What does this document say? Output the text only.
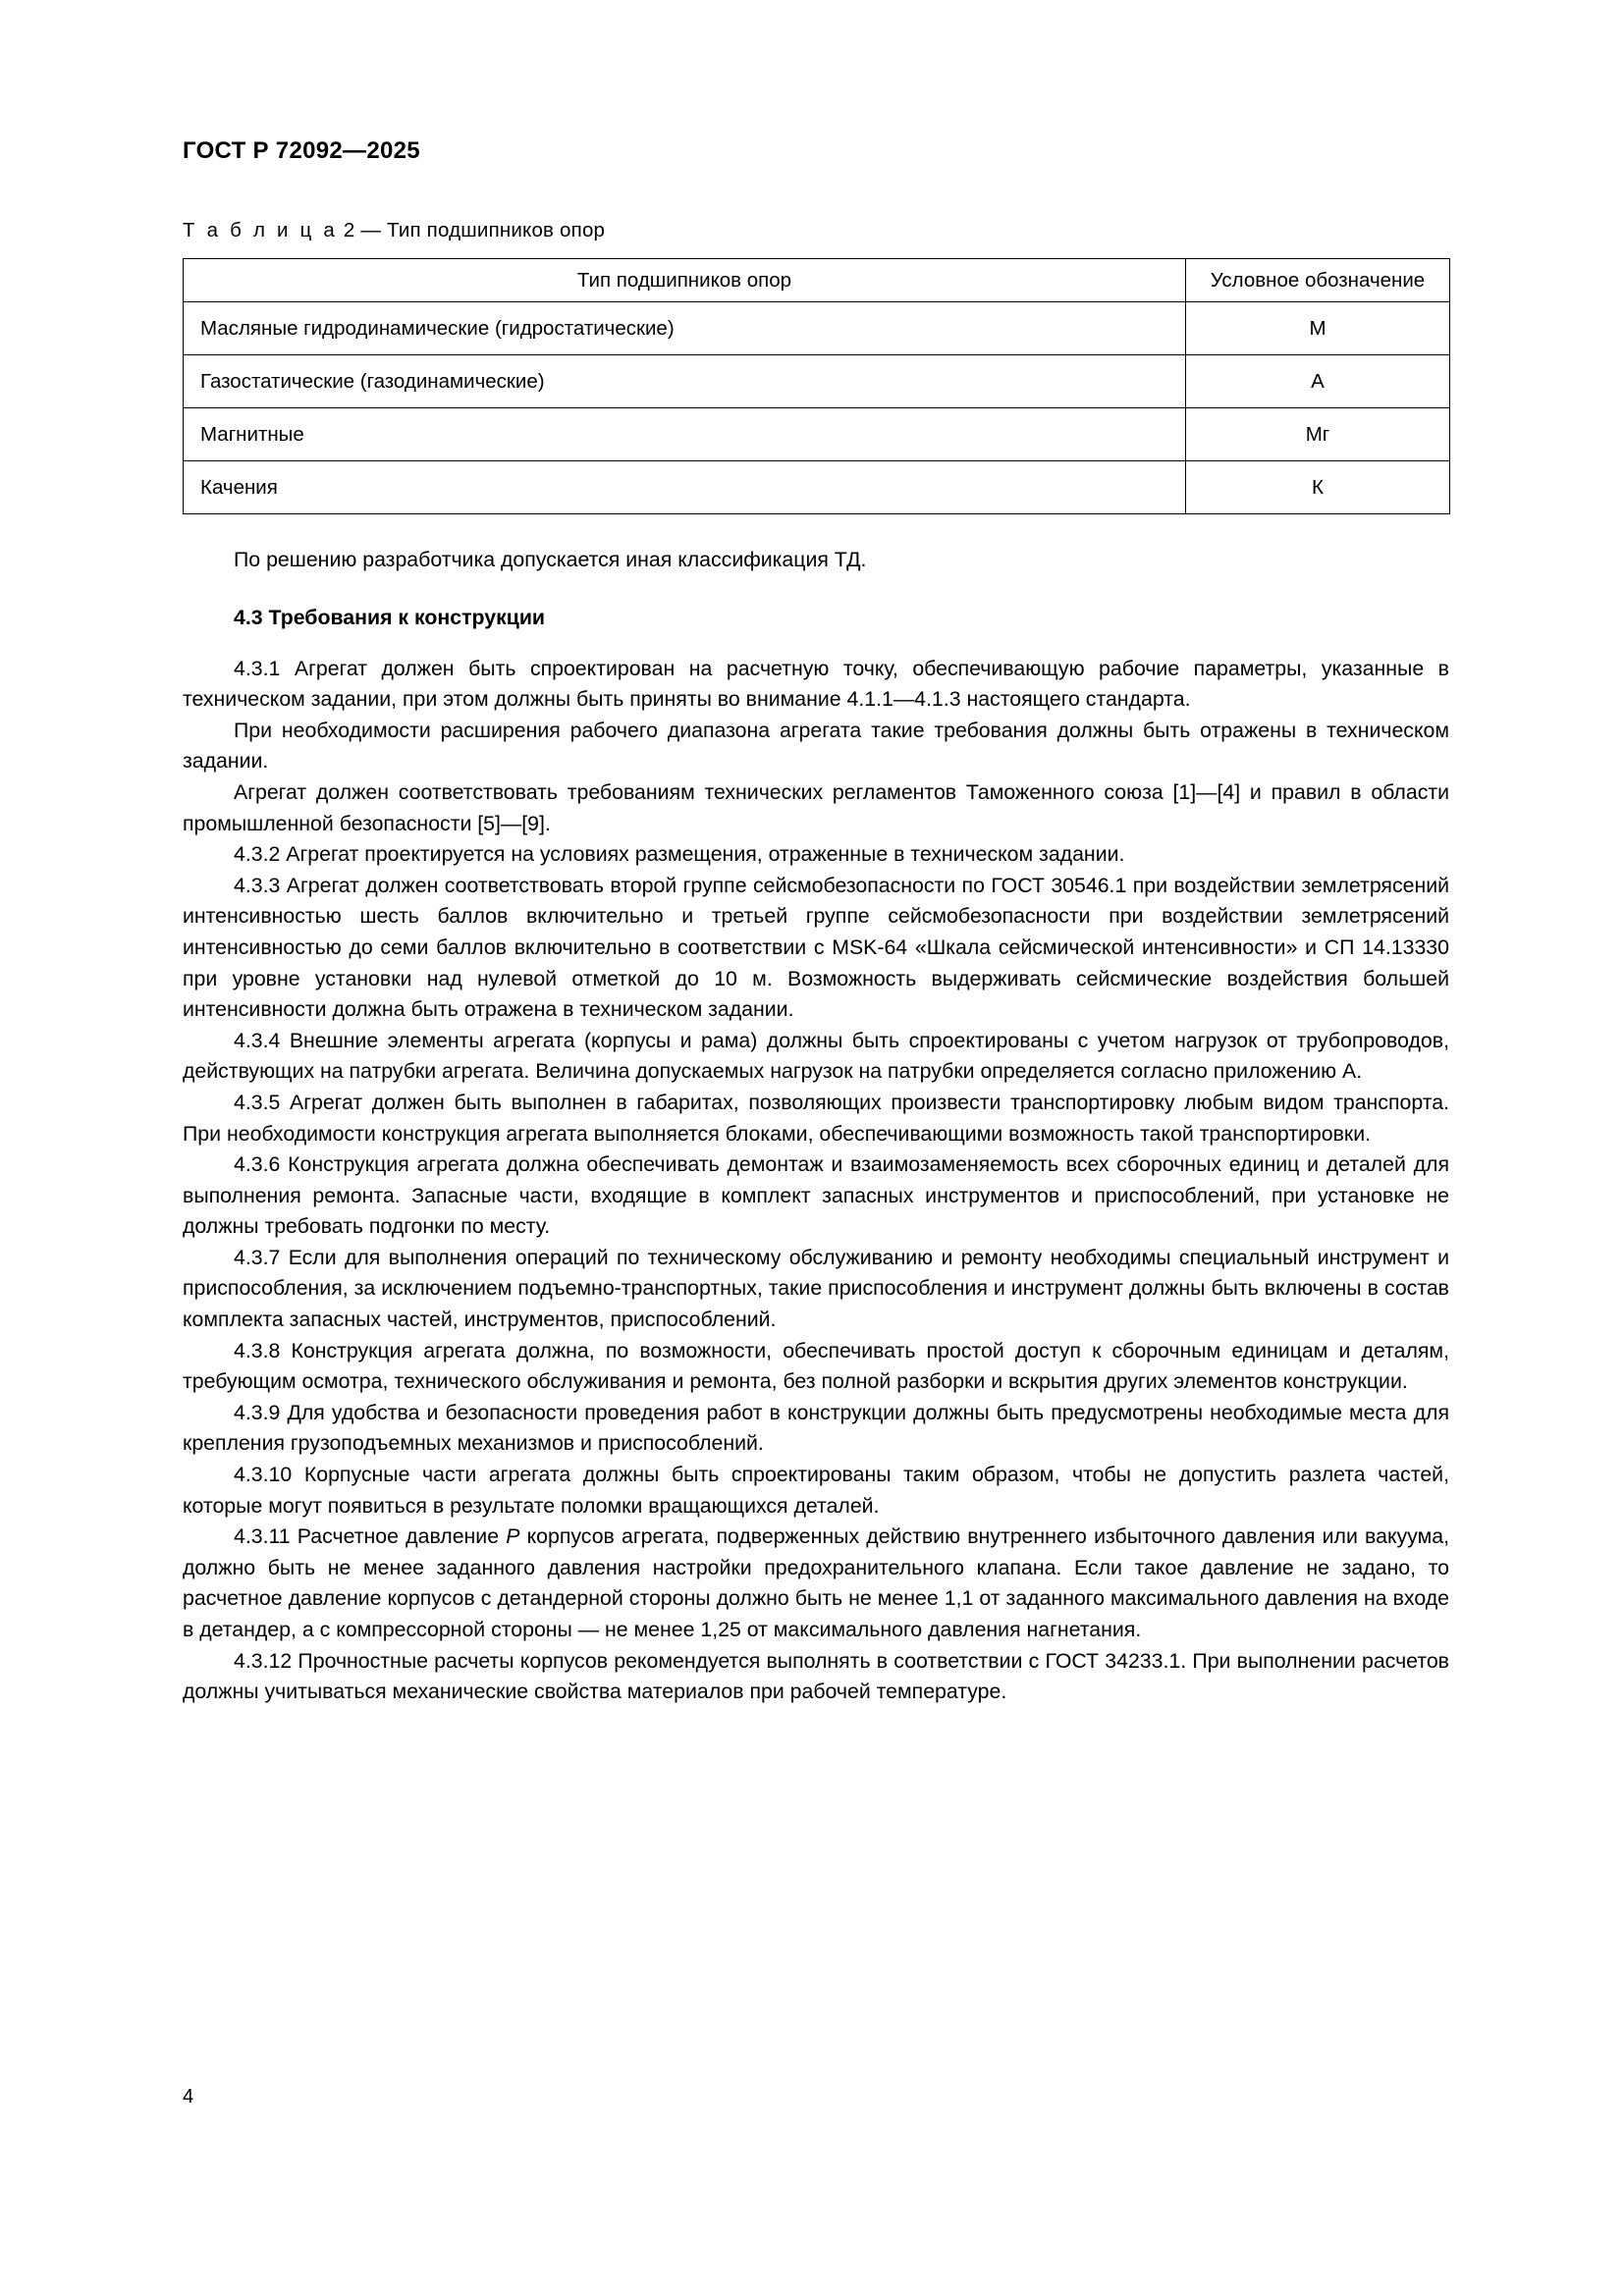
ГОСТ Р 72092—2025
Т а б л и ц а 2 — Тип подшипников опор
Тип подшипников опор	Условное обозначение
Масляные гидродинамические (гидростатические)	М
Газостатические (газодинамические)	А
Магнитные	Мг
Качения	К

По решению разработчика допускается иная классификация ТД.

4.3 Требования к конструкции

4.3.1 Агрегат должен быть спроектирован на расчетную точку, обеспечивающую рабочие параметры, указанные в техническом задании, при этом должны быть приняты во внимание 4.1.1—4.1.3 настоящего стандарта.

При необходимости расширения рабочего диапазона агрегата такие требования должны быть отражены в техническом задании.

Агрегат должен соответствовать требованиям технических регламентов Таможенного союза [1]—[4] и правил в области промышленной безопасности [5]—[9].

4.3.2 Агрегат проектируется на условиях размещения, отраженные в техническом задании.

4.3.3 Агрегат должен соответствовать второй группе сейсмобезопасности по ГОСТ 30546.1 при воздействии землетрясений интенсивностью шесть баллов включительно и третьей группе сейсмобезопасности при воздействии землетрясений интенсивностью до семи баллов включительно в соответствии с MSK-64 «Шкала сейсмической интенсивности» и СП 14.13330 при уровне установки над нулевой отметкой до 10 м. Возможность выдерживать сейсмические воздействия большей интенсивности должна быть отражена в техническом задании.

4.3.4 Внешние элементы агрегата (корпусы и рама) должны быть спроектированы с учетом нагрузок от трубопроводов, действующих на патрубки агрегата. Величина допускаемых нагрузок на патрубки определяется согласно приложению А.

4.3.5 Агрегат должен быть выполнен в габаритах, позволяющих произвести транспортировку любым видом транспорта. При необходимости конструкция агрегата выполняется блоками, обеспечивающими возможность такой транспортировки.

4.3.6 Конструкция агрегата должна обеспечивать демонтаж и взаимозаменяемость всех сборочных единиц и деталей для выполнения ремонта. Запасные части, входящие в комплект запасных инструментов и приспособлений, при установке не должны требовать подгонки по месту.

4.3.7 Если для выполнения операций по техническому обслуживанию и ремонту необходимы специальный инструмент и приспособления, за исключением подъемно-транспортных, такие приспособления и инструмент должны быть включены в состав комплекта запасных частей, инструментов, приспособлений.

4.3.8 Конструкция агрегата должна, по возможности, обеспечивать простой доступ к сборочным единицам и деталям, требующим осмотра, технического обслуживания и ремонта, без полной разборки и вскрытия других элементов конструкции.

4.3.9 Для удобства и безопасности проведения работ в конструкции должны быть предусмотрены необходимые места для крепления грузоподъемных механизмов и приспособлений.

4.3.10 Корпусные части агрегата должны быть спроектированы таким образом, чтобы не допустить разлета частей, которые могут появиться в результате поломки вращающихся деталей.

4.3.11 Расчетное давление P корпусов агрегата, подверженных действию внутреннего избыточного давления или вакуума, должно быть не менее заданного давления настройки предохранительного клапана. Если такое давление не задано, то расчетное давление корпусов с детандерной стороны должно быть не менее 1,1 от заданного максимального давления на входе в детандер, а с компрессорной стороны — не менее 1,25 от максимального давления нагнетания.

4.3.12 Прочностные расчеты корпусов рекомендуется выполнять в соответствии с ГОСТ 34233.1. При выполнении расчетов должны учитываться механические свойства материалов при рабочей температуре.

4
